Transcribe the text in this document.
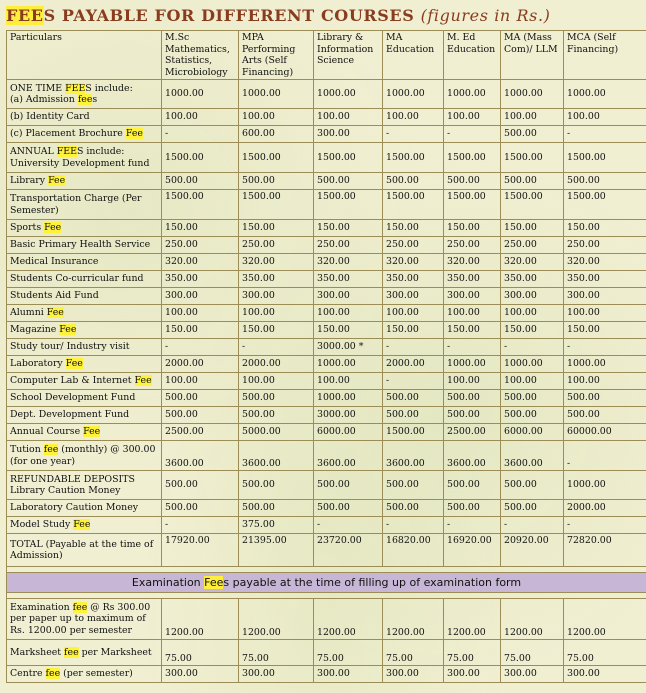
FEES PAYABLE FOR DIFFERENT COURSES (figures in Rs.)
Particulars	M.Sc Mathematics, Statistics, Microbiology	MPA Performing Arts (Self Financing)	Library & Information Science	MA Education	M. Ed Education	MA (Mass Com)/ LLM	MCA (Self Financing)
ONE TIME FEES include:
(a) Admission fees	1000.00	1000.00	1000.00	1000.00	1000.00	1000.00	1000.00
(b) Identity Card	100.00	100.00	100.00	100.00	100.00	100.00	100.00
(c) Placement Brochure Fee	-	600.00	300.00	-	-	500.00	-
ANNUAL FEES include:
University Development fund	1500.00	1500.00	1500.00	1500.00	1500.00	1500.00	1500.00
Library Fee	500.00	500.00	500.00	500.00	500.00	500.00	500.00
Transportation Charge (Per Semester)	1500.00	1500.00	1500.00	1500.00	1500.00	1500.00	1500.00
Sports Fee	150.00	150.00	150.00	150.00	150.00	150.00	150.00
Basic Primary Health Service	250.00	250.00	250.00	250.00	250.00	250.00	250.00
Medical Insurance	320.00	320.00	320.00	320.00	320.00	320.00	320.00
Students Co-curricular fund	350.00	350.00	350.00	350.00	350.00	350.00	350.00
Students Aid Fund	300.00	300.00	300.00	300.00	300.00	300.00	300.00
Alumni Fee	100.00	100.00	100.00	100.00	100.00	100.00	100.00
Magazine Fee	150.00	150.00	150.00	150.00	150.00	150.00	150.00
Study tour/ Industry visit	-	-	3000.00 *	-	-	-	-
Laboratory Fee	2000.00	2000.00	1000.00	2000.00	1000.00	1000.00	1000.00
Computer Lab & Internet Fee	100.00	100.00	100.00	-	100.00	100.00	100.00
School Development Fund	500.00	500.00	1000.00	500.00	500.00	500.00	500.00
Dept. Development Fund	500.00	500.00	3000.00	500.00	500.00	500.00	500.00
Annual Course Fee	2500.00	5000.00	6000.00	1500.00	2500.00	6000.00	60000.00
Tution fee (monthly) @ 300.00 (for one year)	3600.00	3600.00	3600.00	3600.00	3600.00	3600.00	-
REFUNDABLE DEPOSITS
Library Caution Money	500.00	500.00	500.00	500.00	500.00	500.00	1000.00
Laboratory Caution Money	500.00	500.00	500.00	500.00	500.00	500.00	2000.00
Model Study Fee	-	375.00	-	-	-	-	-
TOTAL (Payable at the time of Admission)	17920.00	21395.00	23720.00	16820.00	16920.00	20920.00	72820.00

Examination Fees payable at the time of filling up of examination form							

Examination fee @ Rs 300.00 per paper up to maximum of Rs. 1200.00 per semester	1200.00	1200.00	1200.00	1200.00	1200.00	1200.00	1200.00
Marksheet fee per Marksheet	75.00	75.00	75.00	75.00	75.00	75.00	75.00
Centre fee (per semester)	300.00	300.00	300.00	300.00	300.00	300.00	300.00
